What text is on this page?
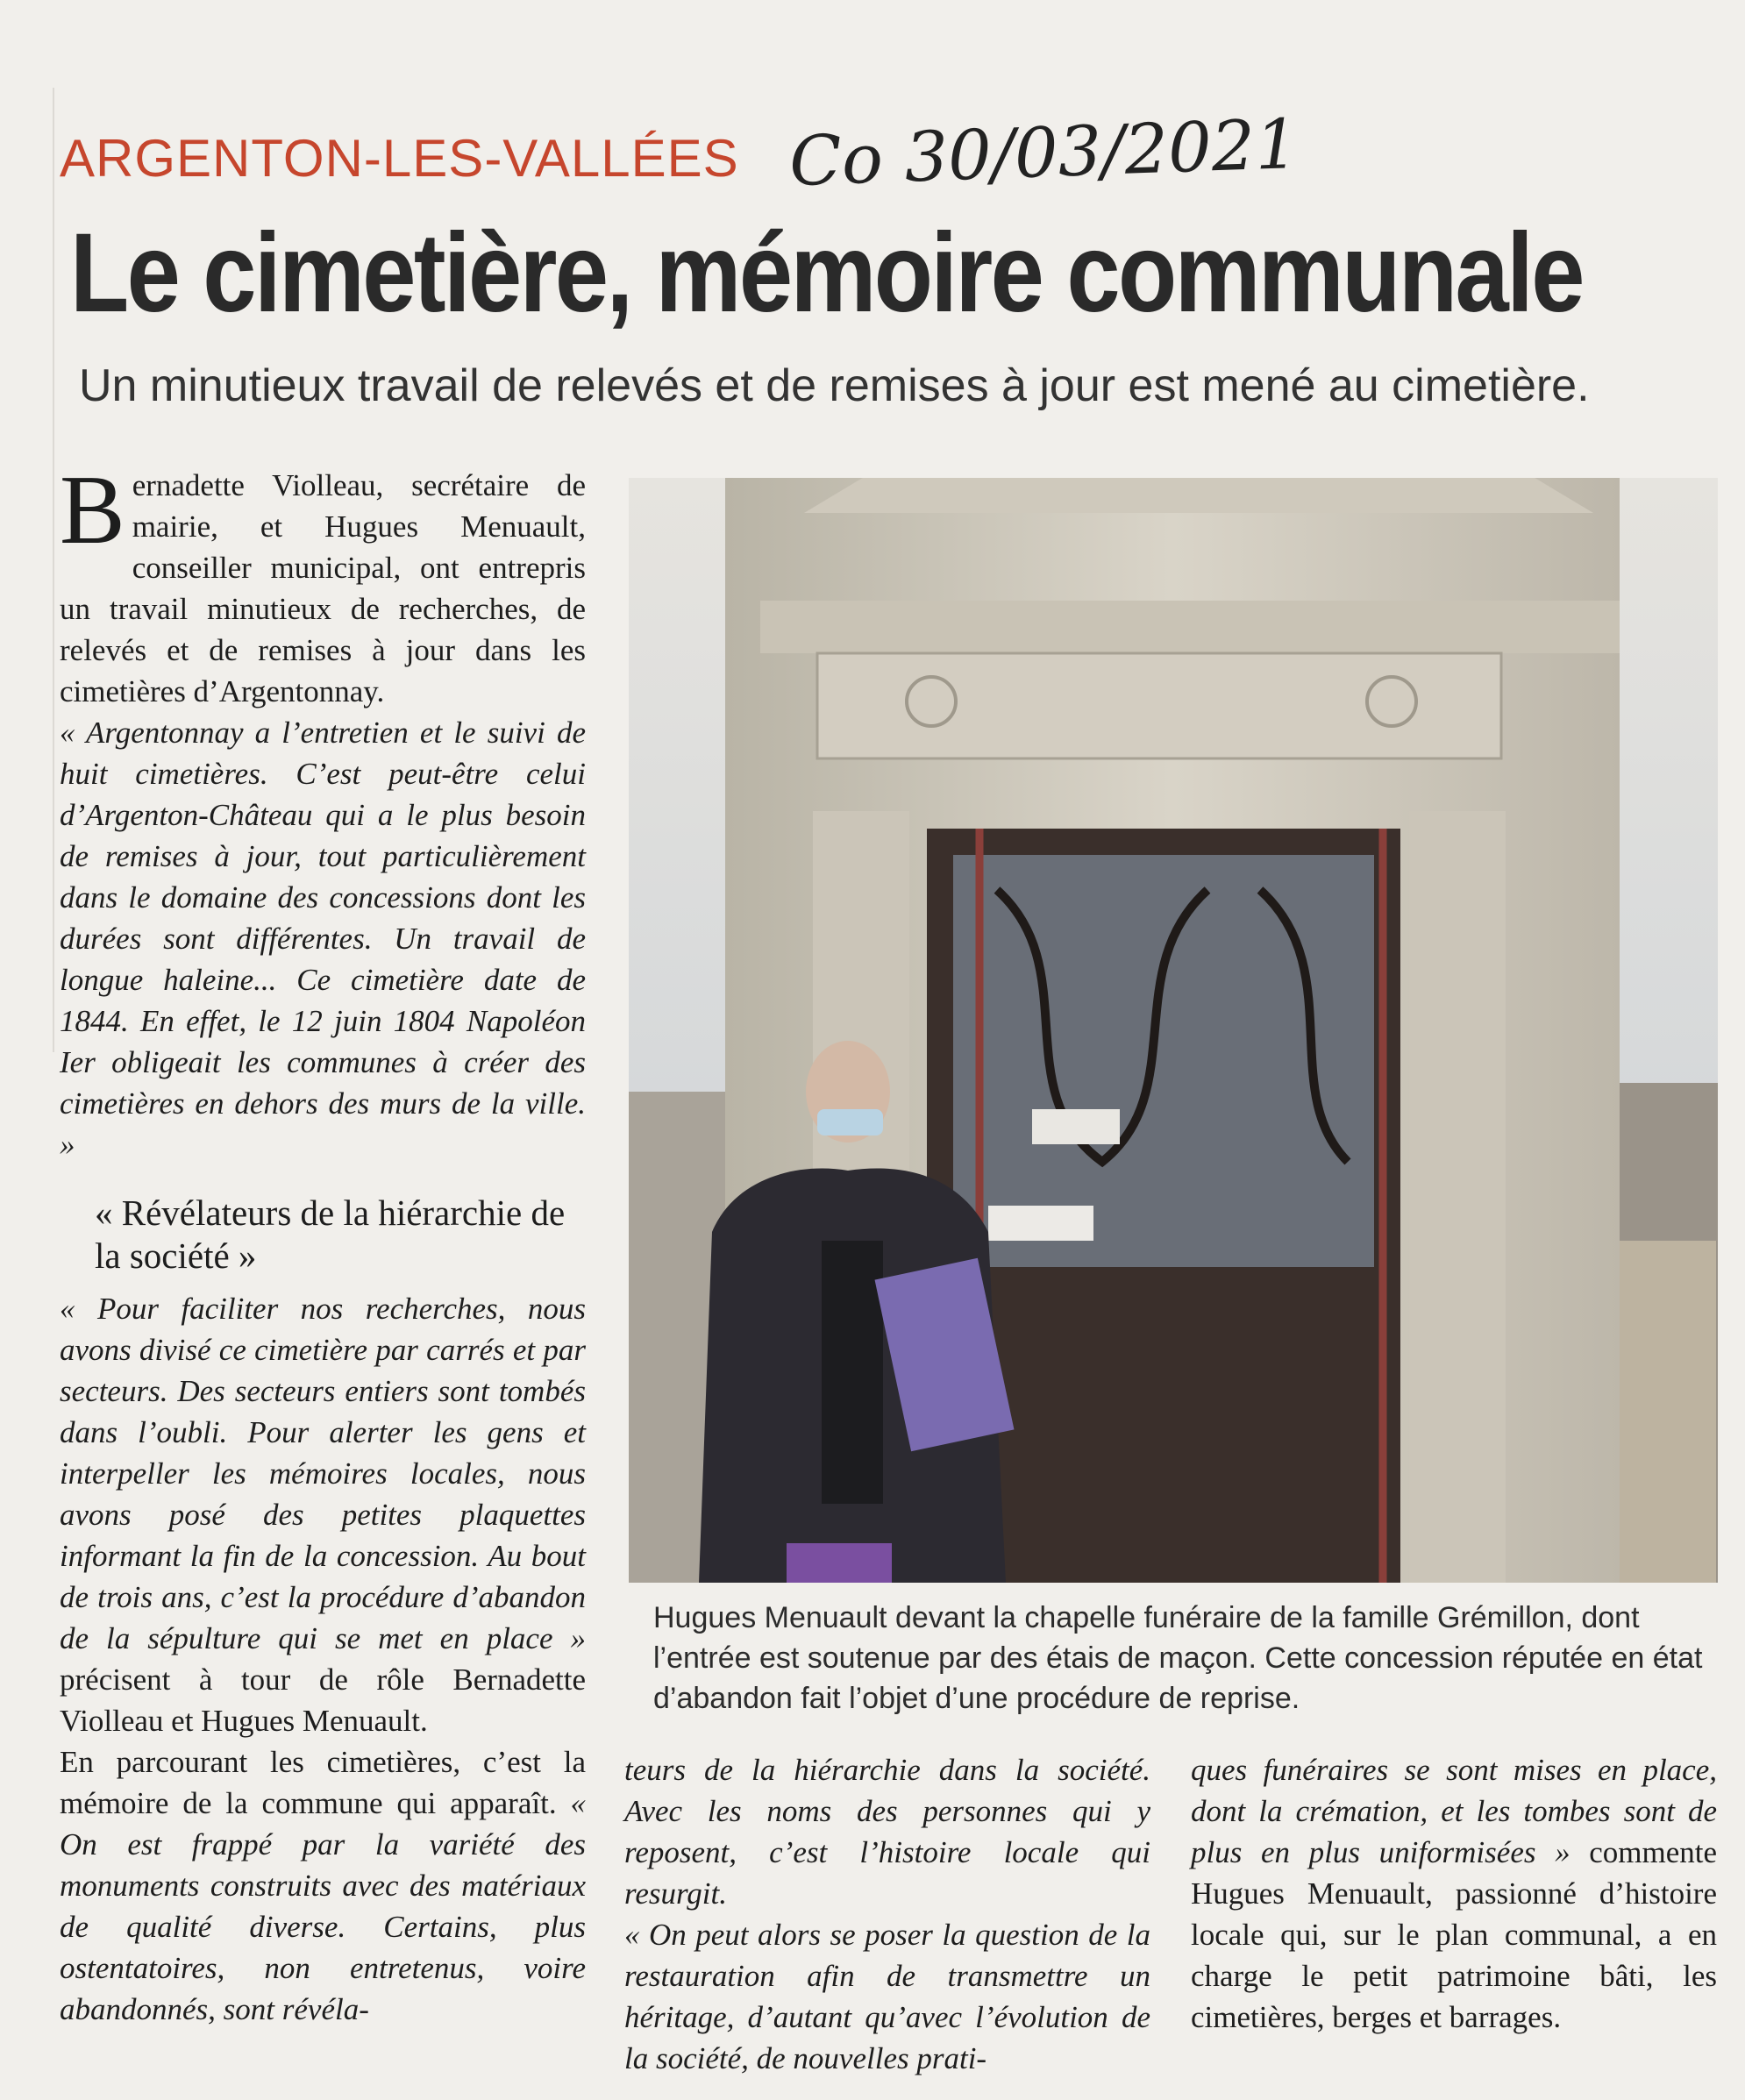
ARGENTON-LES-VALLÉES Co 30/03/2021
Le cimetière, mémoire communale
Un minutieux travail de relevés et de remises à jour est mené au cimetière.

Bernadette Violleau, secrétaire de mairie, et Hugues Menuault, conseiller municipal, ont entrepris un travail minutieux de recherches, de relevés et de remises à jour dans les cimetières d’Argentonnay.

« Argentonnay a l’entretien et le suivi de huit cimetières. C’est peut-être celui d’Argenton-Château qui a le plus besoin de remises à jour, tout particulièrement dans le domaine des concessions dont les durées sont différentes. Un travail de longue haleine... Ce cimetière date de 1844. En effet, le 12 juin 1804 Napoléon Ier obligeait les communes à créer des cimetières en dehors des murs de la ville. »

« Révélateurs de la hiérarchie de la société »

« Pour faciliter nos recherches, nous avons divisé ce cimetière par carrés et par secteurs. Des secteurs entiers sont tombés dans l’oubli. Pour alerter les gens et interpeller les mémoires locales, nous avons posé des petites plaquettes informant la fin de la concession. Au bout de trois ans, c’est la procédure d’abandon de la sépulture qui se met en place » précisent à tour de rôle Bernadette Violleau et Hugues Menuault.

En parcourant les cimetières, c’est la mémoire de la commune qui apparaît. « On est frappé par la variété des monuments construits avec des matériaux de qualité diverse. Certains, plus ostentatoires, non entretenus, voire abandonnés, sont révéla-

teurs de la hiérarchie dans la société. Avec les noms des personnes qui y reposent, c’est l’histoire locale qui resurgit.

« On peut alors se poser la question de la restauration afin de transmettre un héritage, d’autant qu’avec l’évolution de la société, de nouvelles prati-

ques funéraires se sont mises en place, dont la crémation, et les tombes sont de plus en plus uniformisées » commente Hugues Menuault, passionné d’histoire locale qui, sur le plan communal, a en charge le petit patrimoine bâti, les cimetières, berges et barrages.

Hugues Menuault devant la chapelle funéraire de la famille Grémillon, dont l’entrée est soutenue par des étais de maçon. Cette concession réputée en état d’abandon fait l’objet d’une procédure de reprise.
